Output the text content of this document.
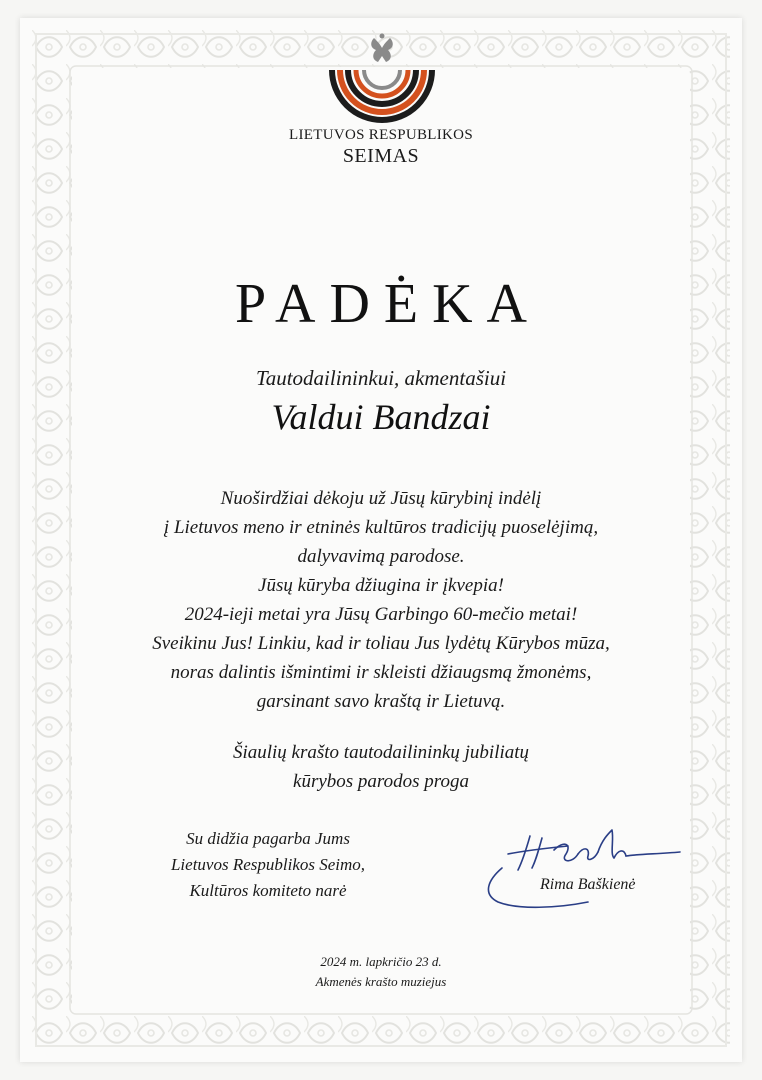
LIETUVOS RESPUBLIKOS
SEIMAS
PADĖKA
Tautodailininkui, akmentašiui
Valdui Bandzai
Nuoširdžiai dėkoju už Jūsų kūrybinį indėlį
į Lietuvos meno ir etninės kultūros tradicijų puoselėjimą,
dalyvavimą parodose.
Jūsų kūryba džiugina ir įkvepia!
2024-ieji metai yra Jūsų Garbingo 60-mečio metai!
Sveikinu Jus! Linkiu, kad ir toliau Jus lydėtų Kūrybos mūza,
noras dalintis išmintimi ir skleisti džiaugsmą žmonėms,
garsinant savo kraštą ir Lietuvą.
Šiaulių krašto tautodailininkų jubiliatų
kūrybos parodos proga
Su didžia pagarba Jums
Lietuvos Respublikos Seimo,
Kultūros komiteto narė	Rima Baškienė
2024 m. lapkričio 23 d.
Akmenės krašto muziejus
